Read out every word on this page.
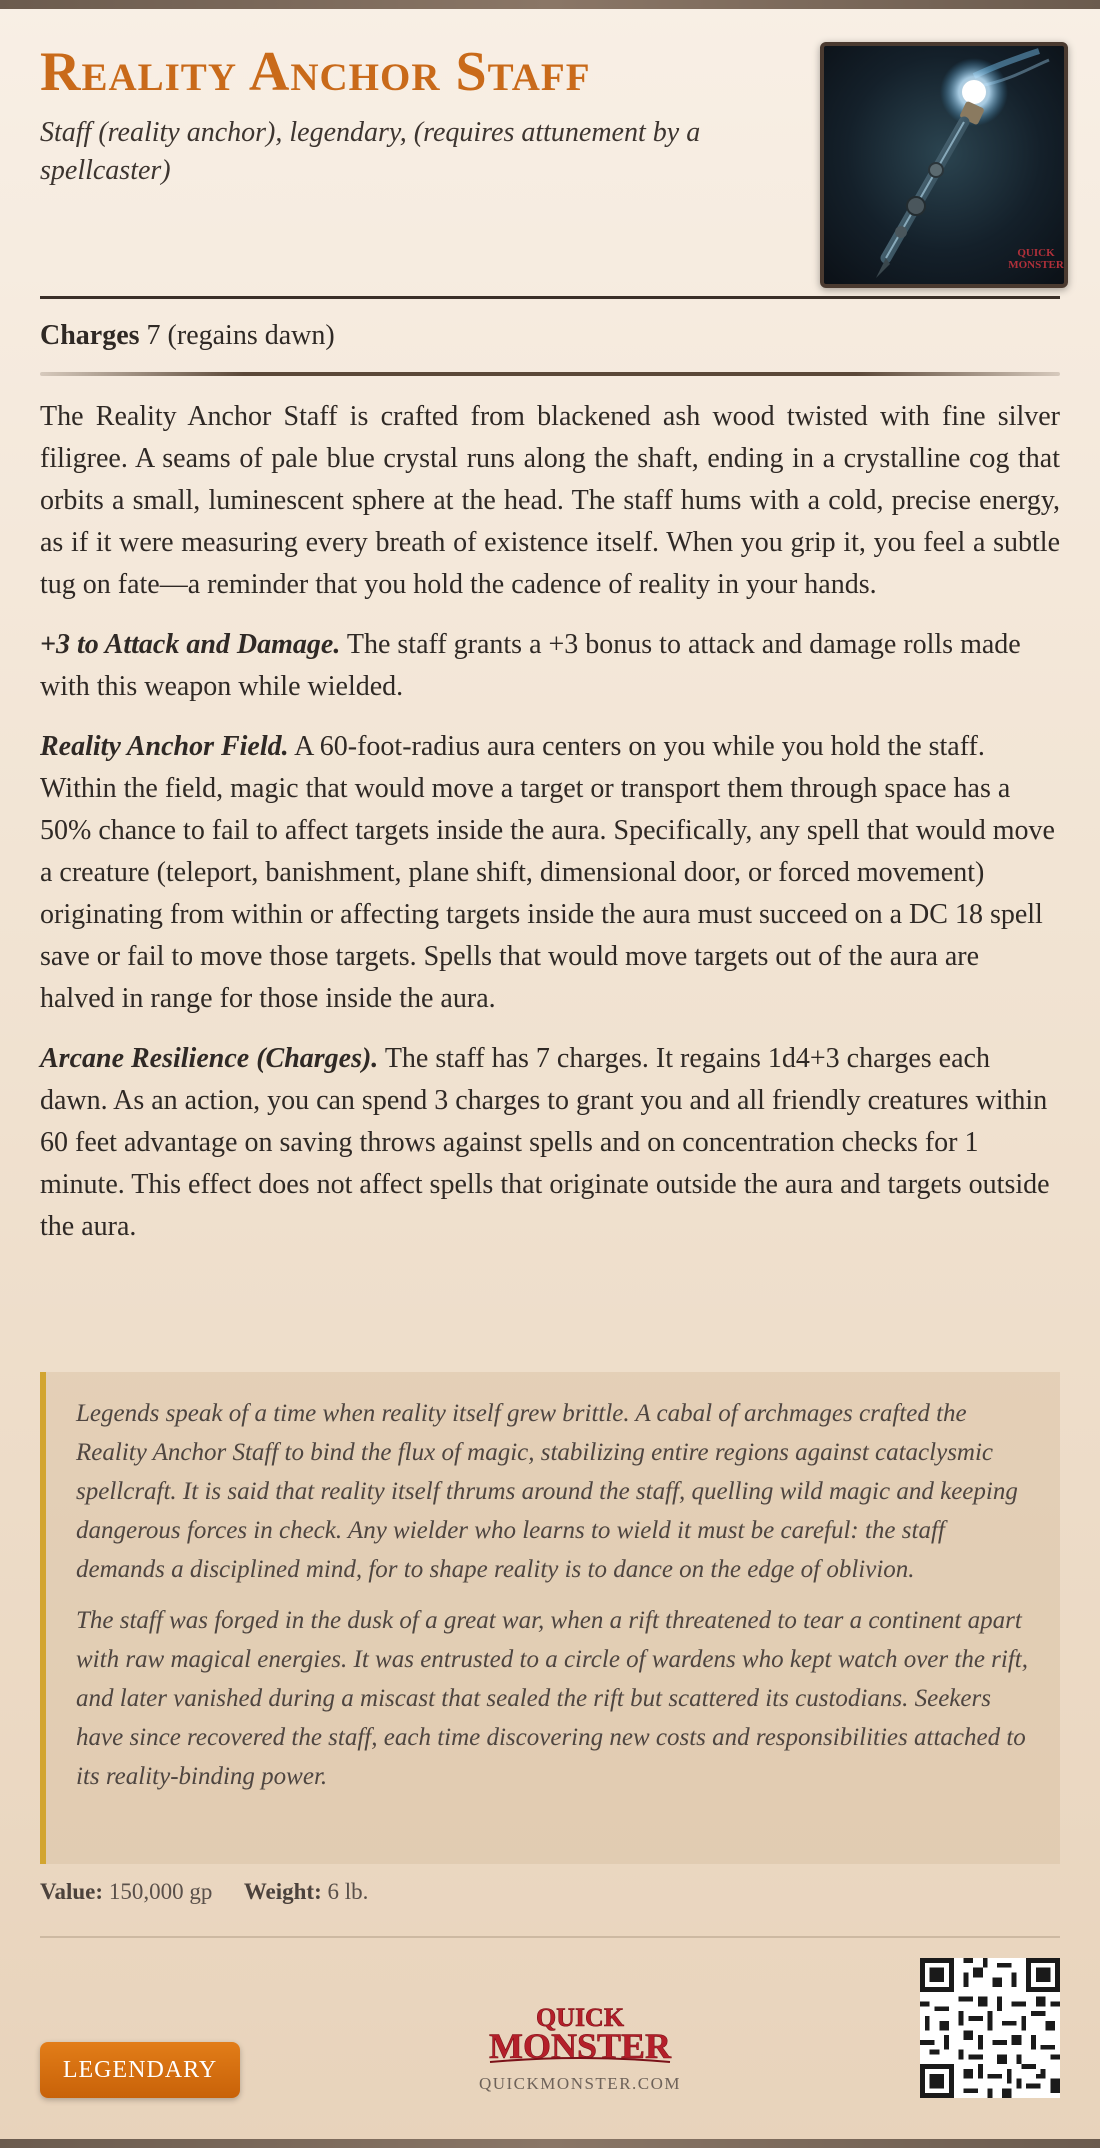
Reality Anchor Staff

Staff (reality anchor), legendary, (requires attunement by a spellcaster)

QUICK
MONSTER
Charges 7 (regains dawn)

The Reality Anchor Staff is crafted from blackened ash wood twisted with fine silver filigree. A seams of pale blue crystal runs along the shaft, ending in a crystalline cog that orbits a small, luminescent sphere at the head. The staff hums with a cold, precise energy, as if it were measuring every breath of existence itself. When you grip it, you feel a subtle tug on fate—a reminder that you hold the cadence of reality in your hands.

+3 to Attack and Damage. The staff grants a +3 bonus to attack and damage rolls made with this weapon while wielded.

Reality Anchor Field. A 60-foot-radius aura centers on you while you hold the staff. Within the field, magic that would move a target or transport them through space has a 50% chance to fail to affect targets inside the aura. Specifically, any spell that would move a creature (teleport, banishment, plane shift, dimensional door, or forced movement) originating from within or affecting targets inside the aura must succeed on a DC 18 spell save or fail to move those targets. Spells that would move targets out of the aura are halved in range for those inside the aura.

Arcane Resilience (Charges). The staff has 7 charges. It regains 1d4+3 charges each dawn. As an action, you can spend 3 charges to grant you and all friendly creatures within 60 feet advantage on saving throws against spells and on concentration checks for 1 minute. This effect does not affect spells that originate outside the aura and targets outside the aura.

Legends speak of a time when reality itself grew brittle. A cabal of archmages crafted the Reality Anchor Staff to bind the flux of magic, stabilizing entire regions against cataclysmic spellcraft. It is said that reality itself thrums around the staff, quelling wild magic and keeping dangerous forces in check. Any wielder who learns to wield it must be careful: the staff demands a disciplined mind, for to shape reality is to dance on the edge of oblivion.

The staff was forged in the dusk of a great war, when a rift threatened to tear a continent apart with raw magical energies. It was entrusted to a circle of wardens who kept watch over the rift, and later vanished during a miscast that sealed the rift but scattered its custodians. Seekers have since recovered the staff, each time discovering new costs and responsibilities attached to its reality-binding power.

Value: 150,000 gp Weight: 6 lb.
LEGENDARY
QUICK
MONSTER
QUICKMONSTER.COM
